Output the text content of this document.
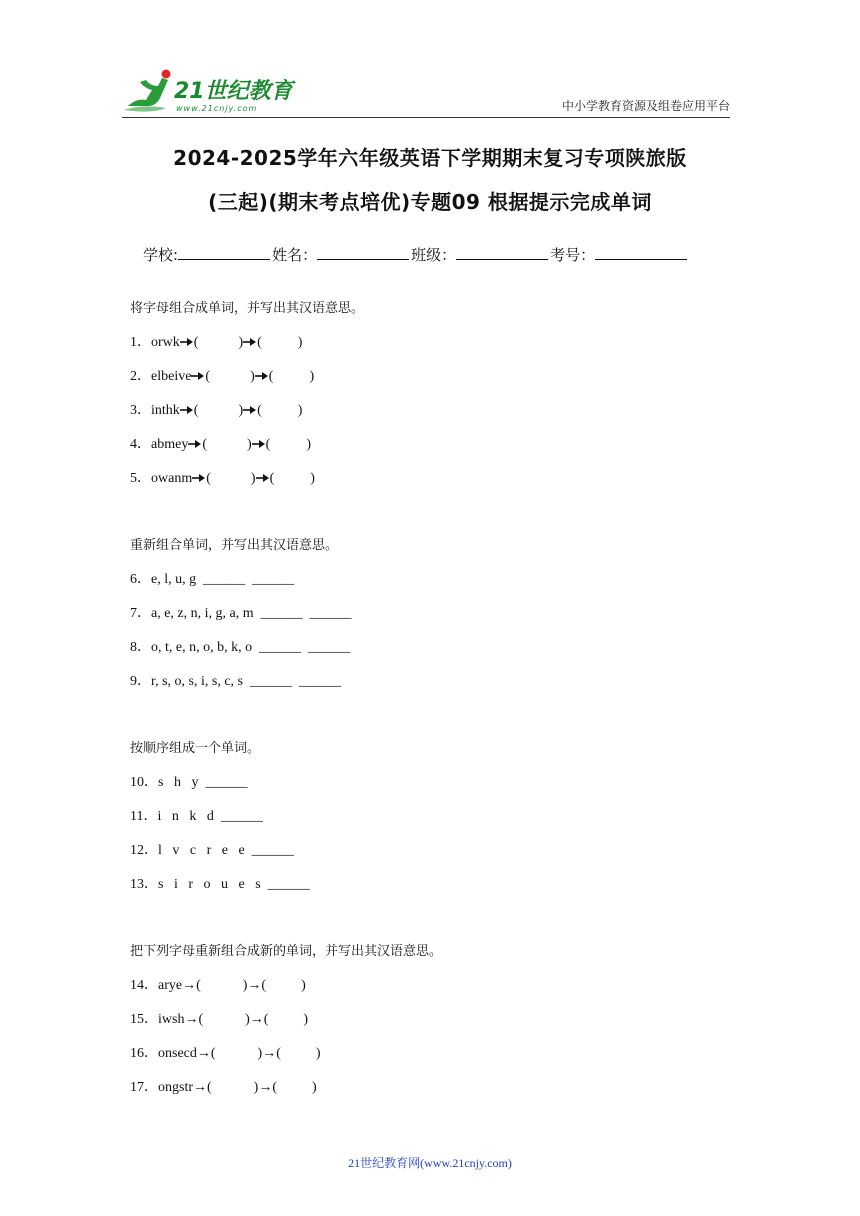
21世纪教育
www.21cnjy.com	中小学教育资源及组卷应用平台
2024-2025学年六年级英语下学期期末复习专项陕旅版
(三起)(期末考点培优)专题09 根据提示完成单词
学校:	姓名：	班级：	考号：
将字母组合成单词，并写出其汉语意思。
1．orwk (	) (	)
2．elbeive (	) (	)
3．inthk (	) (	)
4．abmey (	) (	)
5．owanm (	) (	)
重新组合单词，并写出其汉语意思。
6．e, l, u, g  ______  ______
7．a, e, z, n, i, g, a, m  ______  ______
8．o, t, e, n, o, b, k, o  ______  ______
9．r, s, o, s, i, s, c, s  ______  ______
按顺序组成一个单词。
10．s   h   y  ______
11．i   n   k   d  ______
12．l   v   c   r   e   e  ______
13．s   i   r   o   u   e   s  ______
把下列字母重新组合成新的单词，并写出其汉语意思。
14．arye→(            )→(          )
15．iwsh→(            )→(          )
16．onsecd→(            )→(          )
17．ongstr→(            )→(          )
21世纪教育网(www.21cnjy.com)
